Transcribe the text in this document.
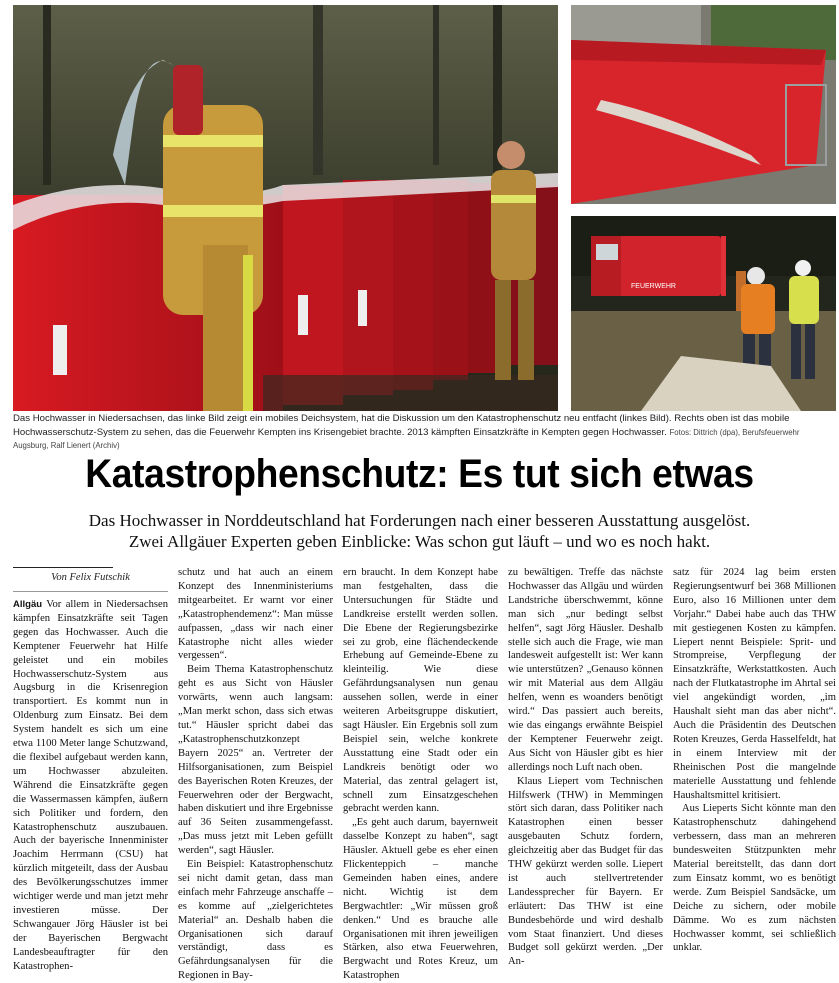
FEUERWEHR
Das Hochwasser in Niedersachsen, das linke Bild zeigt ein mobiles Deichsystem, hat die Diskussion um den Katastrophenschutz neu entfacht (linkes Bild). Rechts oben ist das mobile Hochwasserschutz-System zu sehen, das die Feuerwehr Kempten ins Krisengebiet brachte. 2013 kämpften Einsatzkräfte in Kempten gegen Hochwasser. Fotos: Dittrich (dpa), Berufsfeuerwehr Augsburg, Ralf Lienert (Archiv)
Katastrophenschutz: Es tut sich etwas
Das Hochwasser in Norddeutschland hat Forderungen nach einer besseren Ausstattung ausgelöst.
Zwei Allgäuer Experten geben Einblicke: Was schon gut läuft – und wo es noch hakt.
Von Felix Futschik

Allgäu Vor allem in Niedersachsen kämpfen Einsatzkräfte seit Tagen gegen das Hochwasser. Auch die Kemptener Feuerwehr hat Hilfe geleistet und ein mobiles Hochwasserschutz-System aus Augsburg in die Krisenregion transportiert. Es kommt nun in Oldenburg zum Einsatz. Bei dem System handelt es sich um eine etwa 1100 Meter lange Schutzwand, die flexibel aufgebaut werden kann, um Hochwasser abzuleiten. Während die Einsatzkräfte gegen die Wassermassen kämpfen, äußern sich Politiker und fordern, den Katastrophenschutz auszubauen. Auch der bayerische Innenminister Joachim Herrmann (CSU) hat kürzlich mitgeteilt, dass der Ausbau des Bevölkerungsschutzes immer wichtiger werde und man jetzt mehr investieren müsse. Der Schwangauer Jörg Häusler ist bei der Bayerischen Bergwacht Landesbeauftragter für den Katastrophen-

schutz und hat auch an einem Konzept des Innenministeriums mitgearbeitet. Er warnt vor einer „Katastrophendemenz“: Man müsse aufpassen, „dass wir nach einer Katastrophe nicht alles wieder vergessen“.

Beim Thema Katastrophenschutz geht es aus Sicht von Häusler vorwärts, wenn auch langsam: „Man merkt schon, dass sich etwas tut.“ Häusler spricht dabei das „Katastrophenschutzkonzept Bayern 2025“ an. Vertreter der Hilfsorganisationen, zum Beispiel des Bayerischen Roten Kreuzes, der Feuerwehren oder der Bergwacht, haben diskutiert und ihre Ergebnisse auf 36 Seiten zusammengefasst. „Das muss jetzt mit Leben gefüllt werden“, sagt Häusler.

Ein Beispiel: Katastrophenschutz sei nicht damit getan, dass man einfach mehr Fahrzeuge anschaffe – es komme auf „zielgerichtetes Material“ an. Deshalb haben die Organisationen sich darauf verständigt, dass es Gefährdungsanalysen für die Regionen in Bay-

ern braucht. In dem Konzept habe man festgehalten, dass die Untersuchungen für Städte und Landkreise erstellt werden sollen. Die Ebene der Regierungsbezirke sei zu grob, eine flächendeckende Erhebung auf Gemeinde-Ebene zu kleinteilig. Wie diese Gefährdungsanalysen nun genau aussehen sollen, werde in einer weiteren Arbeitsgruppe diskutiert, sagt Häusler. Ein Ergebnis soll zum Beispiel sein, welche konkrete Ausstattung eine Stadt oder ein Landkreis benötigt oder wo Material, das zentral gelagert ist, schnell zum Einsatzgeschehen gebracht werden kann.

„Es geht auch darum, bayernweit dasselbe Konzept zu haben“, sagt Häusler. Aktuell gebe es eher einen Flickenteppich – manche Gemeinden haben eines, andere nicht. Wichtig ist dem Bergwachtler: „Wir müssen groß denken.“ Und es brauche alle Organisationen mit ihren jeweiligen Stärken, also etwa Feuerwehren, Bergwacht und Rotes Kreuz, um Katastrophen

zu bewältigen. Treffe das nächste Hochwasser das Allgäu und würden Landstriche überschwemmt, könne man sich „nur bedingt selbst helfen“, sagt Jörg Häusler. Deshalb stelle sich auch die Frage, wie man landesweit aufgestellt ist: Wer kann wie unterstützen? „Genauso können wir mit Material aus dem Allgäu helfen, wenn es woanders benötigt wird.“ Das passiert auch bereits, wie das eingangs erwähnte Beispiel der Kemptener Feuerwehr zeigt. Aus Sicht von Häusler gibt es hier allerdings noch Luft nach oben.

Klaus Liepert vom Technischen Hilfswerk (THW) in Memmingen stört sich daran, dass Politiker nach Katastrophen einen besser ausgebauten Schutz fordern, gleichzeitig aber das Budget für das THW gekürzt werden solle. Liepert ist auch stellvertretender Landessprecher für Bayern. Er erläutert: Das THW ist eine Bundesbehörde und wird deshalb vom Staat finanziert. Und dieses Budget soll gekürzt werden. „Der An-

satz für 2024 lag beim ersten Regierungsentwurf bei 368 Millionen Euro, also 16 Millionen unter dem Vorjahr.“ Dabei habe auch das THW mit gestiegenen Kosten zu kämpfen. Liepert nennt Beispiele: Sprit- und Strompreise, Verpflegung der Einsatzkräfte, Werkstattkosten. Auch nach der Flutkatastrophe im Ahrtal sei viel angekündigt worden, „im Haushalt sieht man das aber nicht“. Auch die Präsidentin des Deutschen Roten Kreuzes, Gerda Hasselfeldt, hat in einem Interview mit der Rheinischen Post die mangelnde materielle Ausstattung und fehlende Haushaltsmittel kritisiert.

Aus Lieperts Sicht könnte man den Katastrophenschutz dahingehend verbessern, dass man an mehreren bundesweiten Stützpunkten mehr Material bereitstellt, das dann dort zum Einsatz kommt, wo es benötigt werde. Zum Beispiel Sandsäcke, um Deiche zu sichern, oder mobile Dämme. Wo es zum nächsten Hochwasser kommt, sei schließlich unklar.
